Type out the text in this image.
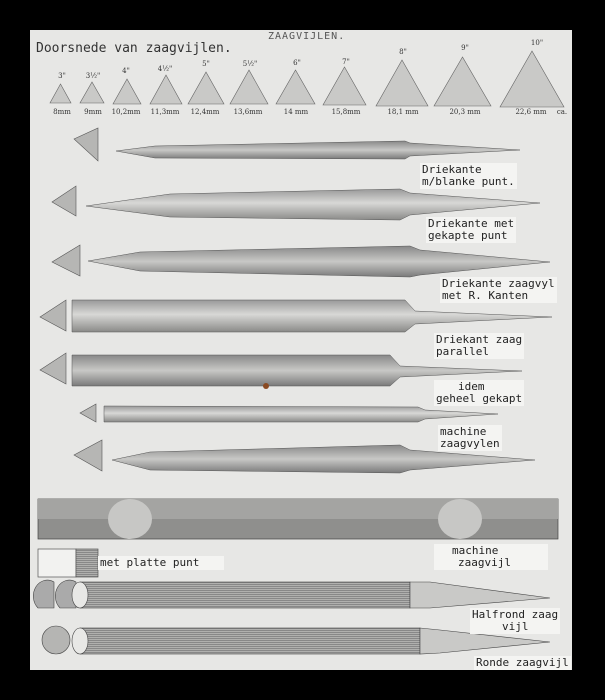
ZAAGVIJLEN.
Doorsnede van zaagvijlen.
3"
8mm
3½"
9mm
4"
10,2mm
4½"
11,3mm
5"
12,4mm
5½"
13,6mm
6"
14 mm
7"
15,8mm
8"
18,1 mm
9"
20,3 mm
10"
22,6 mm	ca.
Driekante
m/blanke punt.
Driekante met
gekapte punt
Driekante zaagvyl
met R. Kanten
Driekant zaag
parallel
idem
geheel gekapt
machine
zaagvylen
machine
zaagvijl
met platte punt
Halfrond zaag
vijl
Ronde zaagvijl
